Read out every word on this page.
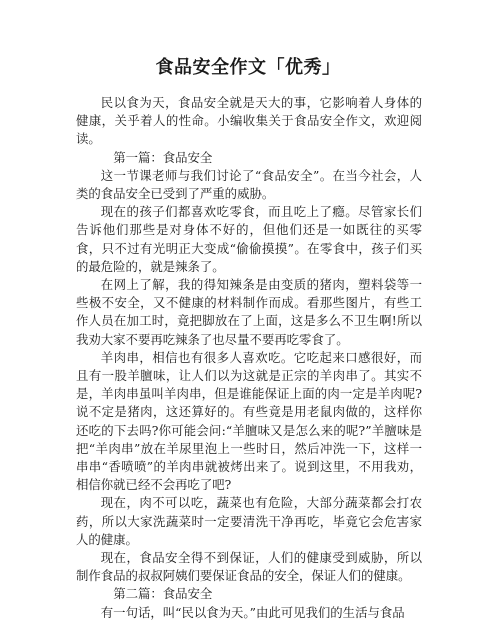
食品安全作文「优秀」

民以食为天，食品安全就是天大的事，它影响着人身体的健康，关乎着人的性命。小编收集关于食品安全作文，欢迎阅读。

第一篇：食品安全

这一节课老师与我们讨论了“食品安全”。在当今社会，人类的食品安全已受到了严重的威胁。

现在的孩子们都喜欢吃零食，而且吃上了瘾。尽管家长们告诉他们那些是对身体不好的，但他们还是一如既往的买零食，只不过有光明正大变成“偷偷摸摸”。在零食中，孩子们买的最危险的，就是辣条了。

在网上了解，我的得知辣条是由变质的猪肉，塑料袋等一些极不安全，又不健康的材料制作而成。看那些图片，有些工作人员在加工时，竟把脚放在了上面，这是多么不卫生啊!所以我劝大家不要再吃辣条了也尽量不要再吃零食了。

羊肉串，相信也有很多人喜欢吃。它吃起来口感很好，而且有一股羊膻味，让人们以为这就是正宗的羊肉串了。其实不是，羊肉串虽叫羊肉串，但是谁能保证上面的肉一定是羊肉呢?说不定是猪肉，这还算好的。有些竟是用老鼠肉做的，这样你还吃的下去吗?你可能会问:“羊膻味又是怎么来的呢?”羊膻味是把“羊肉串”放在羊尿里泡上一些时日，然后冲洗一下，这样一串串“香喷喷”的羊肉串就被烤出来了。说到这里，不用我劝，相信你就已经不会再吃了吧?

现在，肉不可以吃，蔬菜也有危险，大部分蔬菜都会打农药，所以大家洗蔬菜时一定要清洗干净再吃，毕竟它会危害家人的健康。

现在，食品安全得不到保证，人们的健康受到威胁，所以制作食品的叔叔阿姨们要保证食品的安全，保证人们的健康。

第二篇：食品安全

有一句话，叫“民以食为天。”由此可见我们的生活与食品
